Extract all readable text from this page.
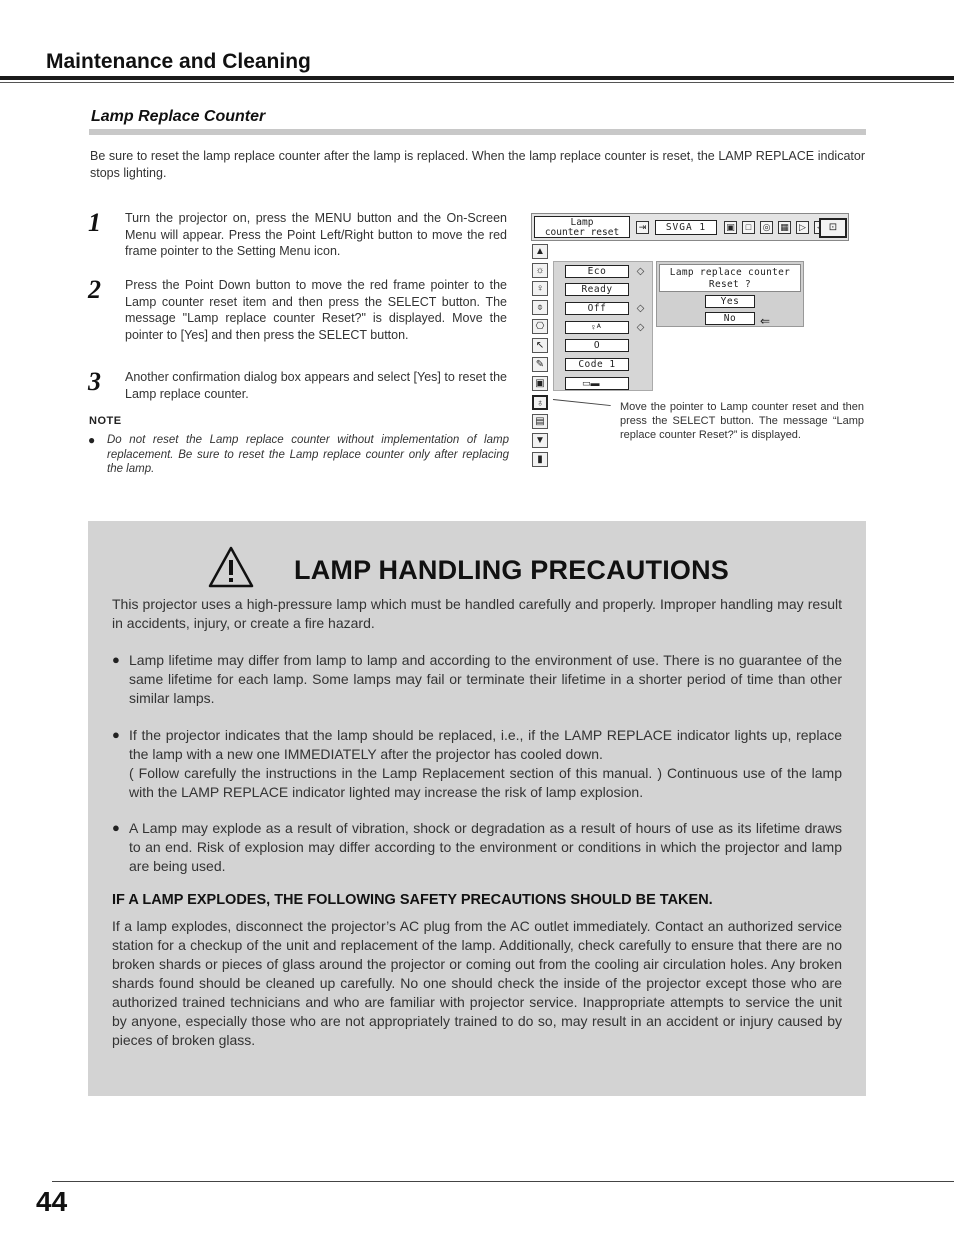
Maintenance and Cleaning
Lamp Replace Counter
Be sure to reset the lamp replace counter after the lamp is replaced. When the lamp replace counter is reset, the LAMP REPLACE indicator stops lighting.
1 Turn the projector on, press the MENU button and the On-Screen Menu will appear. Press the Point Left/Right button to move the red frame pointer to the Setting Menu icon.
2 Press the Point Down button to move the red frame pointer to the Lamp counter reset item and then press the SELECT button. The message "Lamp replace counter Reset?" is displayed. Move the pointer to [Yes] and then press the SELECT button.
3 Another confirmation dialog box appears and select [Yes] to reset the Lamp replace counter.
NOTE
● Do not reset the Lamp replace counter without implementation of lamp replacement. Be sure to reset the Lamp replace counter only after replacing the lamp.
Lamp
counter reset	⇥	SVGA 1	▣	□	◎ ▦	▷	⊡
▲
☼
♀
⌽
⎔
↖
✎
▣
♁
▤
▼
▮
Eco	◇
Ready
Off	◇
♀ᴬ	◇
O
Code 1
▭▬
Lamp replace counter
Reset ?
Yes
No	⇐
Move the pointer to Lamp counter reset and then press the SELECT button. The message “Lamp replace counter Reset?” is displayed.
LAMP HANDLING PRECAUTIONS
This projector uses a high-pressure lamp which must be handled carefully and properly. Improper handling may result in accidents, injury, or create a fire hazard.
● Lamp lifetime may differ from lamp to lamp and according to the environment of use. There is no guarantee of the same lifetime for each lamp. Some lamps may fail or terminate their lifetime in a shorter period of time than other similar lamps.
● If the projector indicates that the lamp should be replaced, i.e., if the LAMP REPLACE indicator lights up, replace the lamp with a new one IMMEDIATELY after the projector has cooled down.
( Follow carefully the instructions in the Lamp Replacement section of this manual. ) Continuous use of the lamp with the LAMP REPLACE indicator lighted may increase the risk of lamp explosion.
● A Lamp may explode as a result of vibration, shock or degradation as a result of hours of use as its lifetime draws to an end. Risk of explosion may differ according to the environment or conditions in which the projector and lamp are being used.
IF A LAMP EXPLODES, THE FOLLOWING SAFETY PRECAUTIONS SHOULD BE TAKEN.
If a lamp explodes, disconnect the projector’s AC plug from the AC outlet immediately. Contact an authorized service station for a checkup of the unit and replacement of the lamp. Additionally, check carefully to ensure that there are no broken shards or pieces of glass around the projector or coming out from the cooling air circulation holes. Any broken shards found should be cleaned up carefully. No one should check the inside of the projector except those who are authorized trained technicians and who are familiar with projector service. Inappropriate attempts to service the unit by anyone, especially those who are not appropriately trained to do so, may result in an accident or injury caused by pieces of broken glass.
44
